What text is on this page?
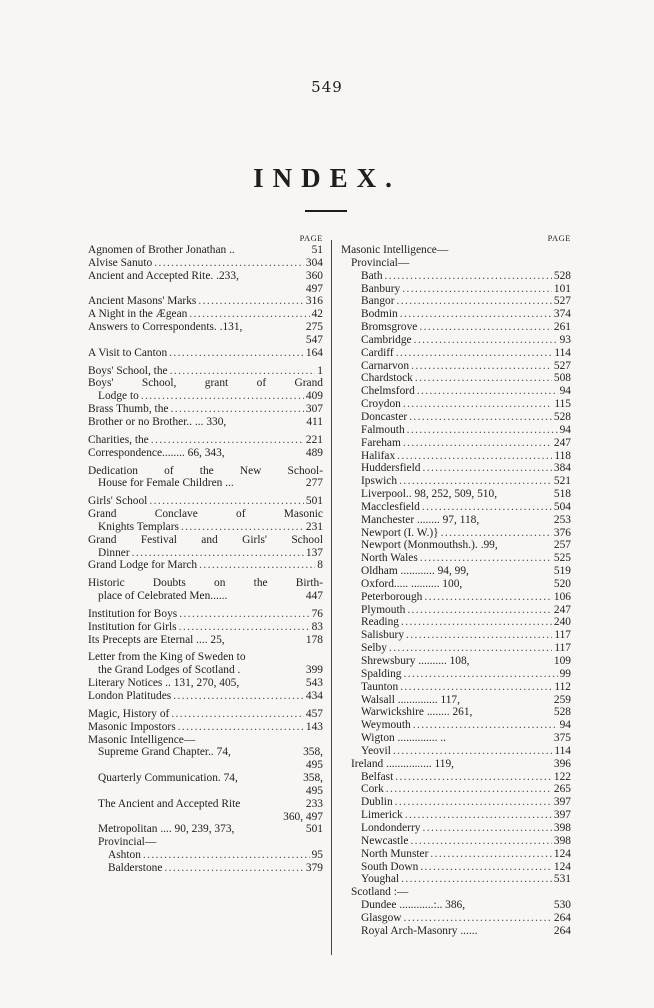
549
INDEX.
PAGE
Agnomen of Brother Jonathan ..	51
Alvise Sanuto .....	304
Ancient and Accepted Rite. .233,	360
497
Ancient Masons' Marks .....	316
A Night in the Ægean .....	42
Answers to Correspondents. .131,	275
547
A Visit to Canton .....	164
Boys' School, the .....	1
Boys' School, grant of Grand
Lodge to .....	409
Brass Thumb, the .....	307
Brother or no Brother.. ... 330,	411
Charities, the .....	221
Correspondence........ 66, 343,	489
Dedication of the New School-
House for Female Children ...	277
Girls' School .....	501
Grand Conclave of Masonic
Knights Templars .....	231
Grand Festival and Girls' School
Dinner .....	137
Grand Lodge for March .....	8
Historic Doubts on the Birth-
place of Celebrated Men......	447
Institution for Boys .....	76
Institution for Girls .....	83
Its Precepts are Eternal .... 25,	178
Letter from the King of Sweden to
the Grand Lodges of Scotland .	399
Literary Notices .. 131, 270, 405,	543
London Platitudes .....	434
Magic, History of .....	457
Masonic Impostors .....	143
Masonic Intelligence—
Supreme Grand Chapter.. 74,	358,
495
Quarterly Communication. 74,	358,
495
The Ancient and Accepted Rite	233
360, 497
Metropolitan .... 90, 239, 373,	501
Provincial—
Ashton .....	95
Balderstone .....	379
PAGE
Masonic Intelligence—
Provincial—
Bath .....	528
Banbury .....	101
Bangor .....	527
Bodmin .....	374
Bromsgrove .....	261
Cambridge .....	93
Cardiff .....	114
Carnarvon .....	527
Chardstock .....	508
Chelmsford .....	94
Croydon .....	115
Doncaster .....	528
Falmouth .....	94
Fareham .....	247
Halifax .....	118
Huddersfield .....	384
Ipswich .....	521
Liverpool.. 98, 252, 509, 510,	518
Macclesfield .....	504
Manchester ........ 97, 118,	253
Newport (I. W.)} .....	376
Newport (Monmouthsh.). .99,	257
North Wales .....	525
Oldham ............ 94, 99,	519
Oxford..... .......... 100,	520
Peterborough .....	106
Plymouth .....	247
Reading .....	240
Salisbury .....	117
Selby .....	117
Shrewsbury .......... 108,	109
Spalding .....	99
Taunton .....	112
Walsall .............. 117,	259
Warwickshire ........ 261,	528
Weymouth .....	94
Wigton .............. ..	375
Yeovil .....	114
Ireland ................ 119,	396
Belfast .....	122
Cork .....	265
Dublin .....	397
Limerick .....	397
Londonderry .....	398
Newcastle .....	398
North Munster .....	124
South Down .....	124
Youghal .....	531
Scotland :—
Dundee ............:.. 386,	530
Glasgow .....	264
Royal Arch-Masonry ......	264
